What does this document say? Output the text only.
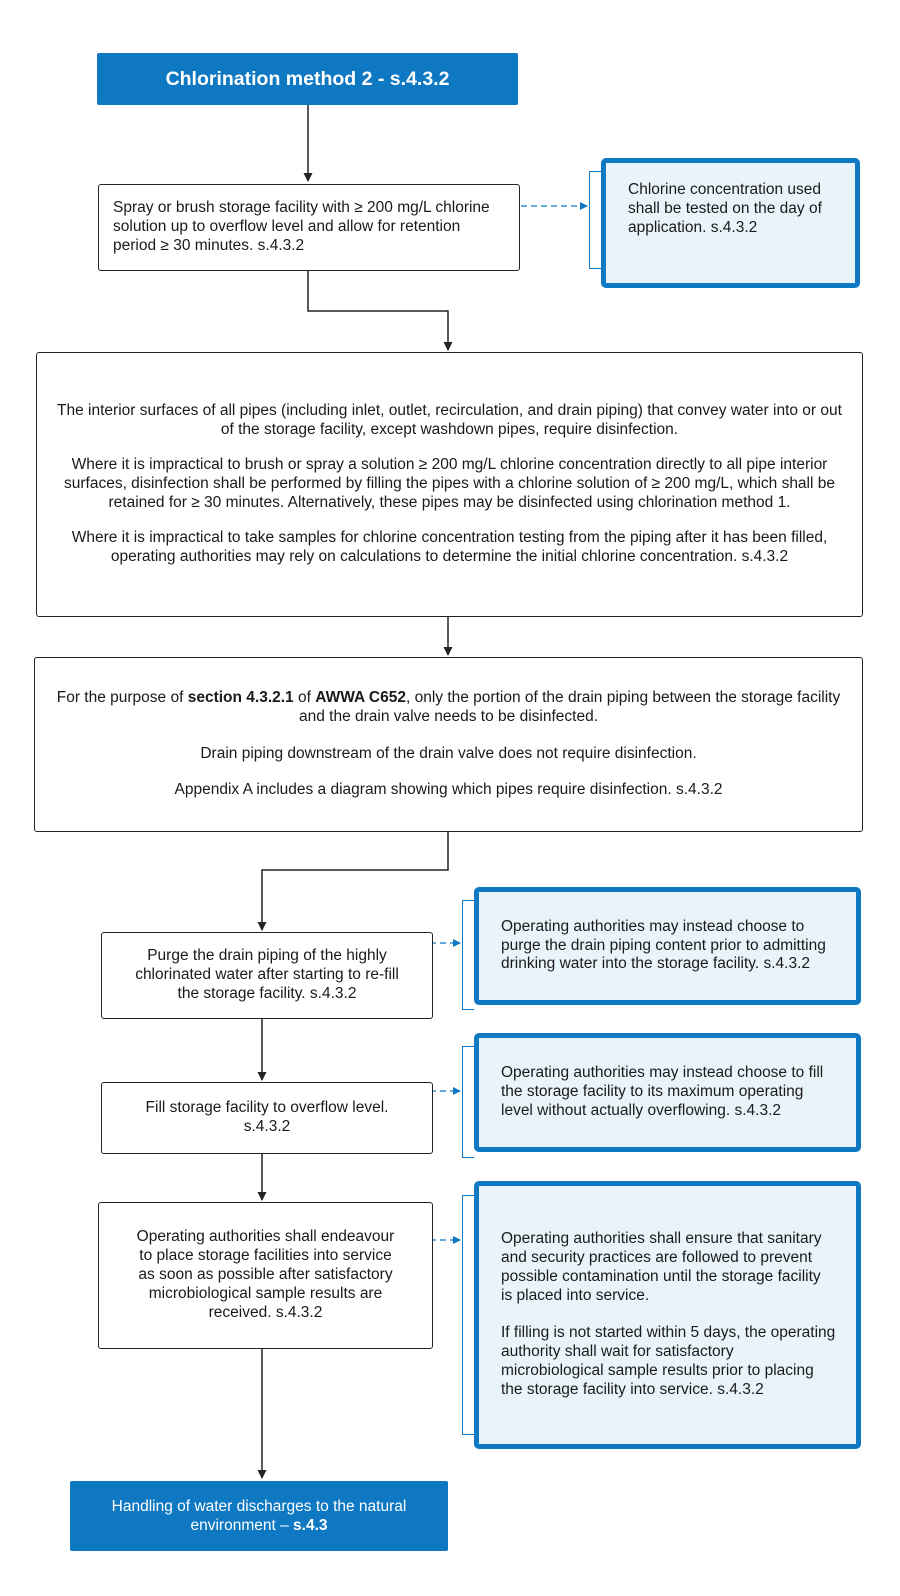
Chlorination method 2 - s.4.3.2

Spray or brush storage facility with ≥ 200 mg/L chlorine solution up to overflow level and allow for retention period ≥ 30 minutes. s.4.3.2

Chlorine concentration used shall be tested on the day of application. s.4.3.2

The interior surfaces of all pipes (including inlet, outlet, recirculation, and drain piping) that convey water into or out of the storage facility, except washdown pipes, require disinfection.

Where it is impractical to brush or spray a solution ≥ 200 mg/L chlorine concentration directly to all pipe interior surfaces, disinfection shall be performed by filling the pipes with a chlorine solution of ≥ 200 mg/L, which shall be retained for ≥ 30 minutes. Alternatively, these pipes may be disinfected using chlorination method 1.

Where it is impractical to take samples for chlorine concentration testing from the piping after it has been filled, operating authorities may rely on calculations to determine the initial chlorine concentration. s.4.3.2

For the purpose of section 4.3.2.1 of AWWA C652, only the portion of the drain piping between the storage facility and the drain valve needs to be disinfected.

Drain piping downstream of the drain valve does not require disinfection.

Appendix A includes a diagram showing which pipes require disinfection. s.4.3.2

Purge the drain piping of the highly chlorinated water after starting to re-fill the storage facility. s.4.3.2

Operating authorities may instead choose to purge the drain piping content prior to admitting drinking water into the storage facility. s.4.3.2

Fill storage facility to overflow level. s.4.3.2

Operating authorities may instead choose to fill the storage facility to its maximum operating level without actually overflowing. s.4.3.2

Operating authorities shall endeavour to place storage facilities into service as soon as possible after satisfactory microbiological sample results are received. s.4.3.2

Operating authorities shall ensure that sanitary and security practices are followed to prevent possible contamination until the storage facility is placed into service.

If filling is not started within 5 days, the operating authority shall wait for satisfactory microbiological sample results prior to placing the storage facility into service. s.4.3.2

Handling of water discharges to the natural environment – s.4.3
